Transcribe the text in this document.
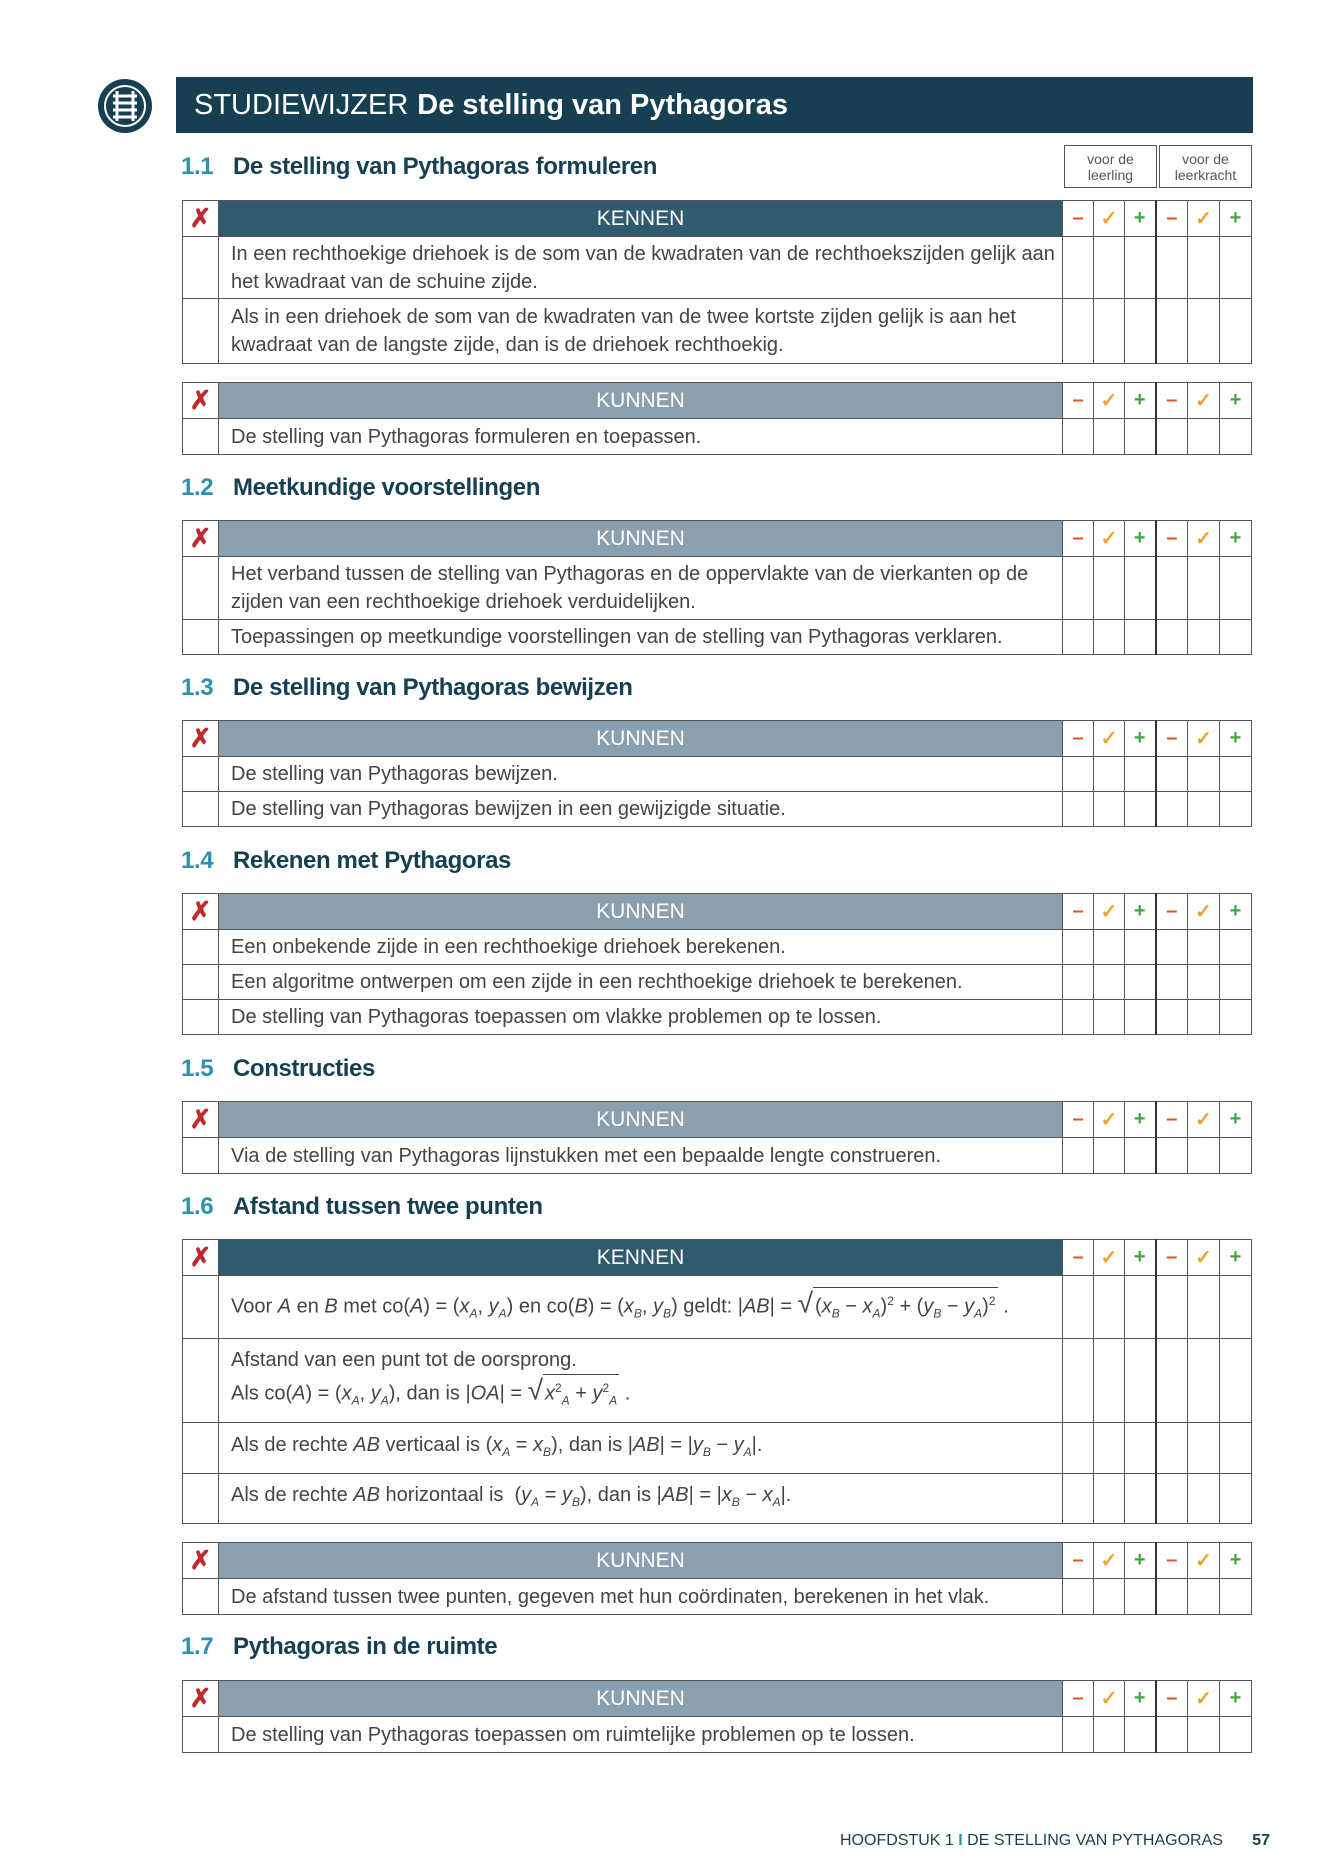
STUDIEWIJZER De stelling van Pythagoras
voor de
leerling
voor de
leerkracht
1.1 De stelling van Pythagoras formuleren
✗	KENNEN	–	✓	+	–	✓	+
	In een rechthoekige driehoek is de som van de kwadraten van de rechthoekszijden gelijk aan het kwadraat van de schuine zijde.						
	Als in een driehoek de som van de kwadraten van de twee kortste zijden gelijk is aan het kwadraat van de langste zijde, dan is de driehoek rechthoekig.						
✗	KUNNEN	–	✓	+	–	✓	+
	De stelling van Pythagoras formuleren en toepassen.						
1.2 Meetkundige voorstellingen
✗	KUNNEN	–	✓	+	–	✓	+
	Het verband tussen de stelling van Pythagoras en de oppervlakte van de vierkanten op de zijden van een rechthoekige driehoek verduidelijken.						
	Toepassingen op meetkundige voorstellingen van de stelling van Pythagoras verklaren.						
1.3 De stelling van Pythagoras bewijzen
✗	KUNNEN	–	✓	+	–	✓	+
	De stelling van Pythagoras bewijzen.						
	De stelling van Pythagoras bewijzen in een gewijzigde situatie.						
1.4 Rekenen met Pythagoras
✗	KUNNEN	–	✓	+	–	✓	+
	Een onbekende zijde in een rechthoekige driehoek berekenen.						
	Een algoritme ontwerpen om een zijde in een rechthoekige driehoek te berekenen.						
	De stelling van Pythagoras toepassen om vlakke problemen op te lossen.						
1.5 Constructies
✗	KUNNEN	–	✓	+	–	✓	+
	Via de stelling van Pythagoras lijnstukken met een bepaalde lengte construeren.						
1.6 Afstand tussen twee punten
✗	KENNEN	–	✓	+	–	✓	+
	Voor A en B met $co(A) = (x_A$, $y_A$) en $co(B) = (x_B$, $y_B$) geldt: |AB| = √ $(x_B - x_A)^2 + (y_B - y_A)^2$ .						

	Afstand van een punt tot de oorsprong.
Als $co(A) = (x_A$, $y_A$), dan is |OA| = √ $x^2_A + y^2_A$ .						

	Als de rechte AB verticaal is $(x_A = x_B)$, dan is $|AB| = |y_B - y_A|$.						
	Als de rechte AB horizontaal is  $(y_A = y_B)$, dan is $|AB| = |x_B - x_A|$.						
✗	KUNNEN	–	✓	+	–	✓	+
	De afstand tussen twee punten, gegeven met hun coördinaten, berekenen in het vlak.						
1.7 Pythagoras in de ruimte
✗	KUNNEN	–	✓	+	–	✓	+
	De stelling van Pythagoras toepassen om ruimtelijke problemen op te lossen.						
HOOFDSTUK 1 I DE STELLING VAN PYTHAGORAS 57
